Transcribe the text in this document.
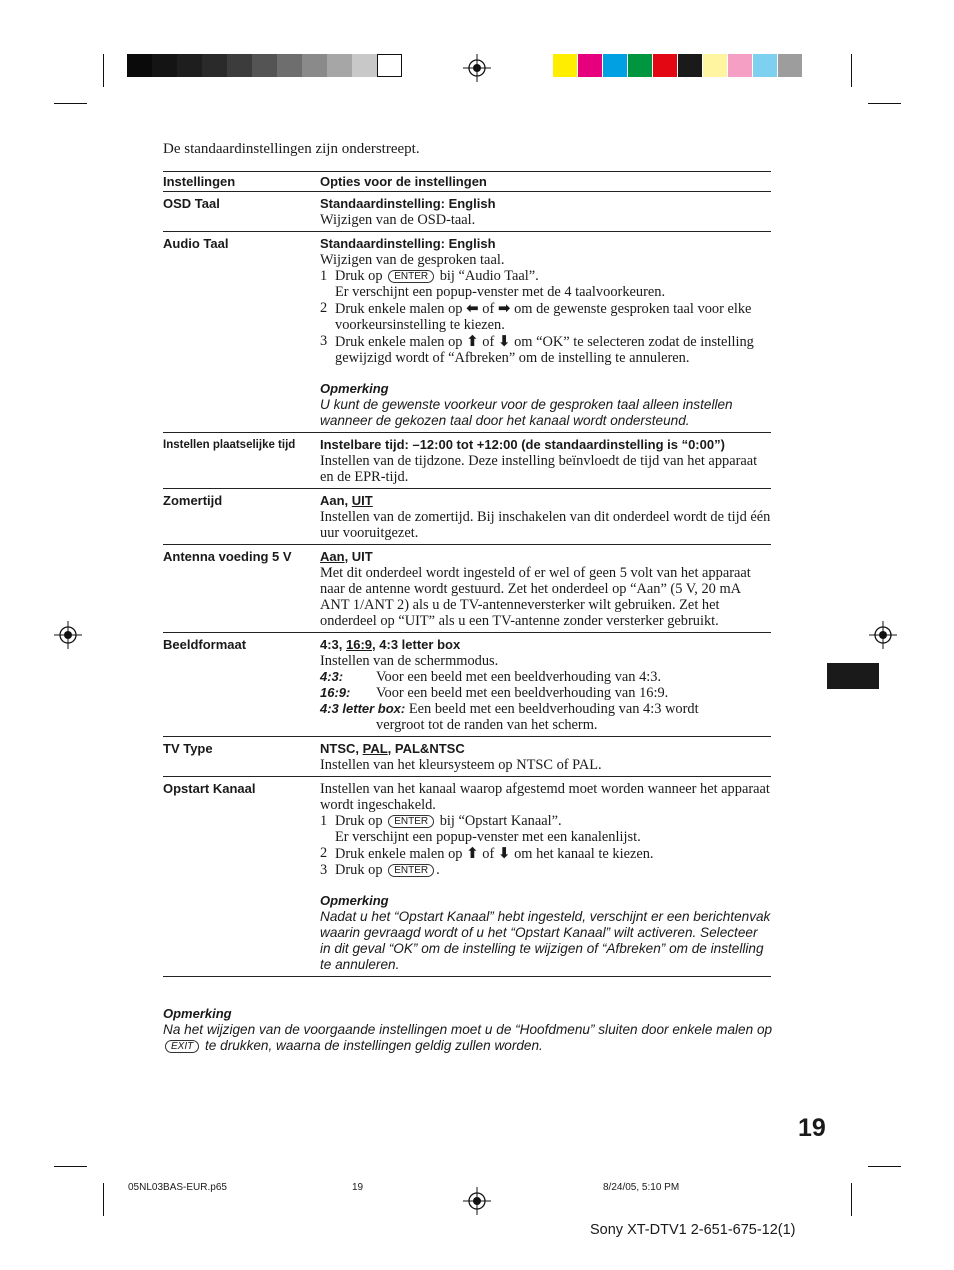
De standaardinstellingen zijn onderstreept.

Instellingen	Opties voor de instellingen
OSD Taal	Standaardinstelling: English
Wijzigen van de OSD-taal.
Audio Taal	Standaardinstelling: English
Wijzigen van de gesproken taal.
1 Druk op ENTER bij “Audio Taal”.
Er verschijnt een popup-venster met de 4 taalvoorkeuren.
2 Druk enkele malen op ⬅ of ➡ om de gewenste gesproken taal voor elke voorkeursinstelling te kiezen.
3 Druk enkele malen op ⬆ of ⬇ om “OK” te selecteren zodat de instelling gewijzigd wordt of “Afbreken” om de instelling te annuleren.
Opmerking
U kunt de gewenste voorkeur voor de gesproken taal alleen instellen wanneer de gekozen taal door het kanaal wordt ondersteund.
Instellen plaatselijke tijd	Instelbare tijd: –12:00 tot +12:00 (de standaardinstelling is “0:00”)
Instellen van de tijdzone. Deze instelling beïnvloedt de tijd van het apparaat en de EPR-tijd.
Zomertijd	Aan, UIT
Instellen van de zomertijd. Bij inschakelen van dit onderdeel wordt de tijd één uur vooruitgezet.
Antenna voeding 5 V	Aan, UIT
Met dit onderdeel wordt ingesteld of er wel of geen 5 volt van het apparaat naar de antenne wordt gestuurd. Zet het onderdeel op “Aan” (5 V, 20 mA ANT 1/ANT 2) als u de TV-antenneversterker wilt gebruiken. Zet het onderdeel op “UIT” als u een TV-antenne zonder versterker gebruikt.
Beeldformaat	4:3, 16:9, 4:3 letter box
Instellen van de schermmodus.
4:3:	Voor een beeld met een beeldverhouding van 4:3.
16:9:	Voor een beeld met een beeldverhouding van 16:9.
4:3 letter box: Een beeld met een beeldverhouding van 4:3 wordt
vergroot tot de randen van het scherm.
TV Type	NTSC, PAL, PAL&NTSC
Instellen van het kleursysteem op NTSC of PAL.
Opstart Kanaal	Instellen van het kanaal waarop afgestemd moet worden wanneer het apparaat wordt ingeschakeld.
1 Druk op ENTER bij “Opstart Kanaal”.
Er verschijnt een popup-venster met een kanalenlijst.
2 Druk enkele malen op ⬆ of ⬇ om het kanaal te kiezen.
3 Druk op ENTER .
Opmerking
Nadat u het “Opstart Kanaal” hebt ingesteld, verschijnt er een berichtenvak waarin gevraagd wordt of u het “Opstart Kanaal” wilt activeren. Selecteer in dit geval “OK” om de instelling te wijzigen of “Afbreken” om de instelling te annuleren.
Opmerking
Na het wijzigen van de voorgaande instellingen moet u de “Hoofdmenu” sluiten door enkele malen op EXIT te drukken, waarna de instellingen geldig zullen worden.
19
05NL03BAS-EUR.p65	19	8/24/05, 5:10 PM
Sony XT-DTV1 2-651-675-12(1)
